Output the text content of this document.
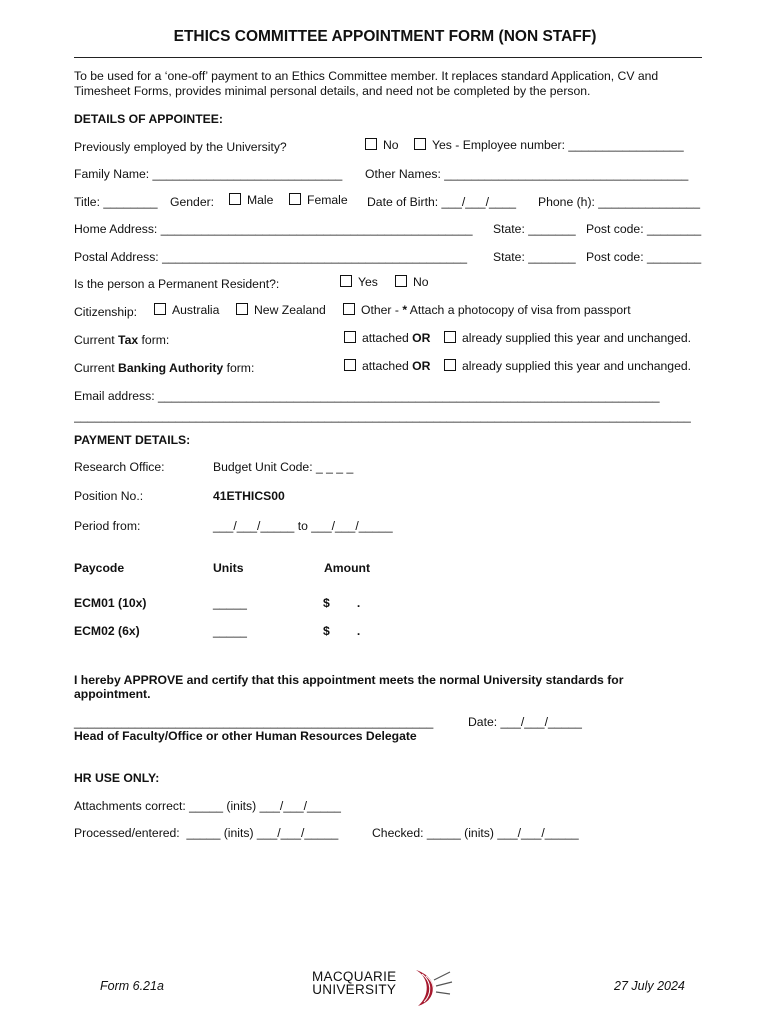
ETHICS COMMITTEE APPOINTMENT FORM (NON STAFF)
To be used for a ‘one-off’ payment to an Ethics Committee member. It replaces standard Application, CV and
Timesheet Forms, provides minimal personal details, and need not be completed by the person.
DETAILS OF APPOINTEE:
Previously employed by the University?	No	Yes - Employee number: _________________
Family Name: ____________________________ Other Names: ____________________________________
Title: ________ Gender:	Male	Female Date of Birth: ___/___/____ Phone (h): _______________
Home Address: ______________________________________________ State: _______ Post code: ________
Postal Address: _____________________________________________ State: _______ Post code: ________
Is the person a Permanent Resident?:	Yes	No
Citizenship:	Australia	New Zealand	Other - * Attach a photocopy of visa from passport
Current Tax form:	attached OR	already supplied this year and unchanged.
Current Banking Authority form:	attached OR	already supplied this year and unchanged.
Email address: __________________________________________________________________________
___________________________________________________________________________________________
PAYMENT DETAILS:
Research Office:	Budget Unit Code: _ _ _ _
Position No.:	41ETHICS00
Period from:	___/___/_____ to ___/___/_____
Paycode	Units	Amount
ECM01 (10x)	_____	$        .
ECM02 (6x)	_____	$        .
I hereby APPROVE and certify that this appointment meets the normal University standards for
appointment.
_____________________________________________________	Date: ___/___/_____
Head of Faculty/Office or other Human Resources Delegate
HR USE ONLY:
Attachments correct: _____ (inits) ___/___/_____
Processed/entered:  _____ (inits) ___/___/_____	Checked: _____ (inits) ___/___/_____
Form 6.21a
MACQUARIE
UNIVERSITY	27 July 2024
